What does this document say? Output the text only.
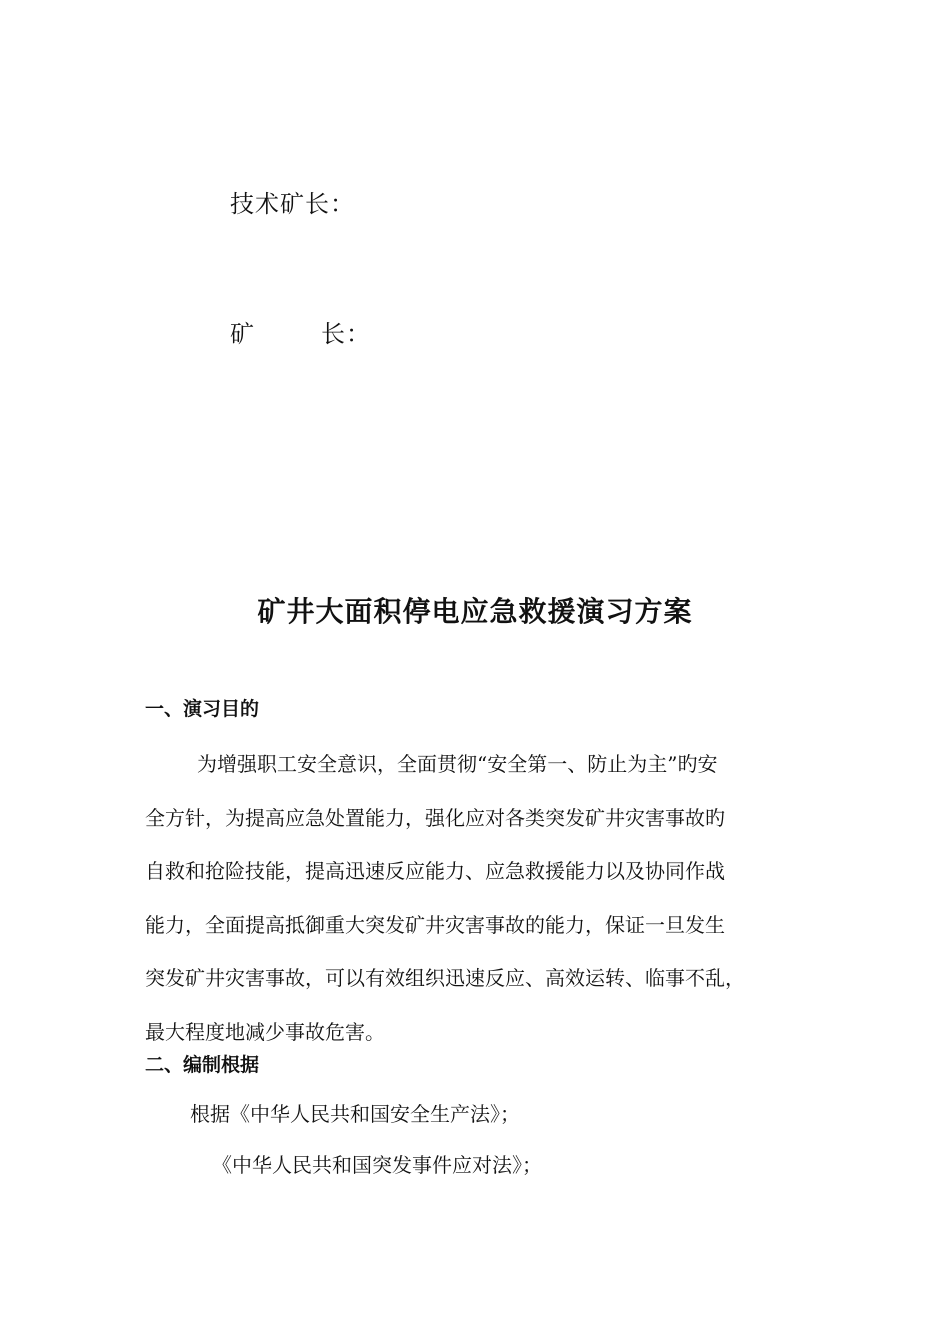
技术矿长：
矿	长：
矿井大面积停电应急救援演习方案
一、演习目的
为增强职工安全意识，全面贯彻“安全第一、防止为主”旳安
全方针，为提高应急处置能力，强化应对各类突发矿井灾害事故旳
自救和抢险技能，提高迅速反应能力、应急救援能力以及协同作战
能力，全面提高抵御重大突发矿井灾害事故的能力，保证一旦发生
突发矿井灾害事故，可以有效组织迅速反应、高效运转、临事不乱，
最大程度地减少事故危害。
二、编制根据
根据《中华人民共和国安全生产法》；
《中华人民共和国突发事件应对法》；
